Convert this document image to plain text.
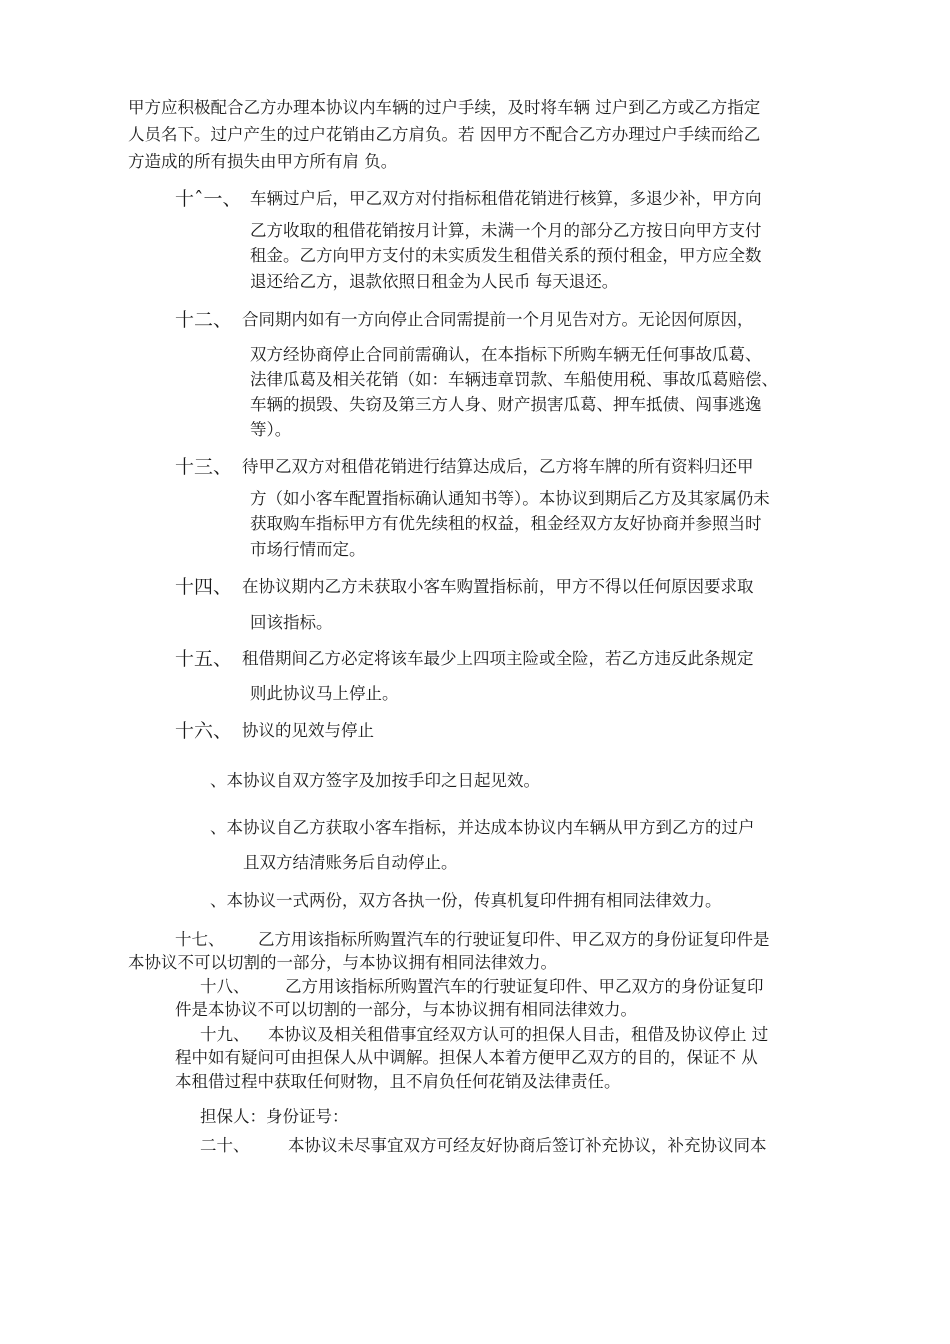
甲方应积极配合乙方办理本协议内车辆的过户手续，及时将车辆 过户到乙方或乙方指定
人员名下。过户产生的过户花销由乙方肩负。若 因甲方不配合乙方办理过户手续而给乙
方造成的所有损失由甲方所有肩 负。
十ˆ一、 车辆过户后，甲乙双方对付指标租借花销进行核算，多退少补，甲方向
乙方收取的租借花销按月计算，未满一个月的部分乙方按日向甲方支付
租金。乙方向甲方支付的未实质发生租借关系的预付租金，甲方应全数
退还给乙方，退款依照日租金为人民币 每天退还。
十二、 合同期内如有一方向停止合同需提前一个月见告对方。无论因何原因，
双方经协商停止合同前需确认，在本指标下所购车辆无任何事故瓜葛、
法律瓜葛及相关花销（如：车辆违章罚款、车船使用税、事故瓜葛赔偿、
车辆的损毁、失窃及第三方人身、财产损害瓜葛、押车抵债、闯事逃逸
等）。
十三、 待甲乙双方对租借花销进行结算达成后，乙方将车牌的所有资料归还甲
方（如小客车配置指标确认通知书等）。本协议到期后乙方及其家属仍未
获取购车指标甲方有优先续租的权益，租金经双方友好协商并参照当时
市场行情而定。
十四、 在协议期内乙方未获取小客车购置指标前，甲方不得以任何原因要求取
回该指标。
十五、 租借期间乙方必定将该车最少上四项主险或全险，若乙方违反此条规定
则此协议马上停止。
十六、 协议的见效与停止
、本协议自双方签字及加按手印之日起见效。
、本协议自乙方获取小客车指标，并达成本协议内车辆从甲方到乙方的过户
且双方结清账务后自动停止。
、本协议一式两份，双方各执一份，传真机复印件拥有相同法律效力。
十七、 乙方用该指标所购置汽车的行驶证复印件、甲乙双方的身份证复印件是
本协议不可以切割的一部分，与本协议拥有相同法律效力。
十八、 乙方用该指标所购置汽车的行驶证复印件、甲乙双方的身份证复印
件是本协议不可以切割的一部分，与本协议拥有相同法律效力。
十九、 本协议及相关租借事宜经双方认可的担保人目击，租借及协议停止 过
程中如有疑问可由担保人从中调解。担保人本着方便甲乙双方的目的，保证不 从
本租借过程中获取任何财物，且不肩负任何花销及法律责任。
担保人：身份证号：
二十、 本协议未尽事宜双方可经友好协商后签订补充协议，补充协议同本
